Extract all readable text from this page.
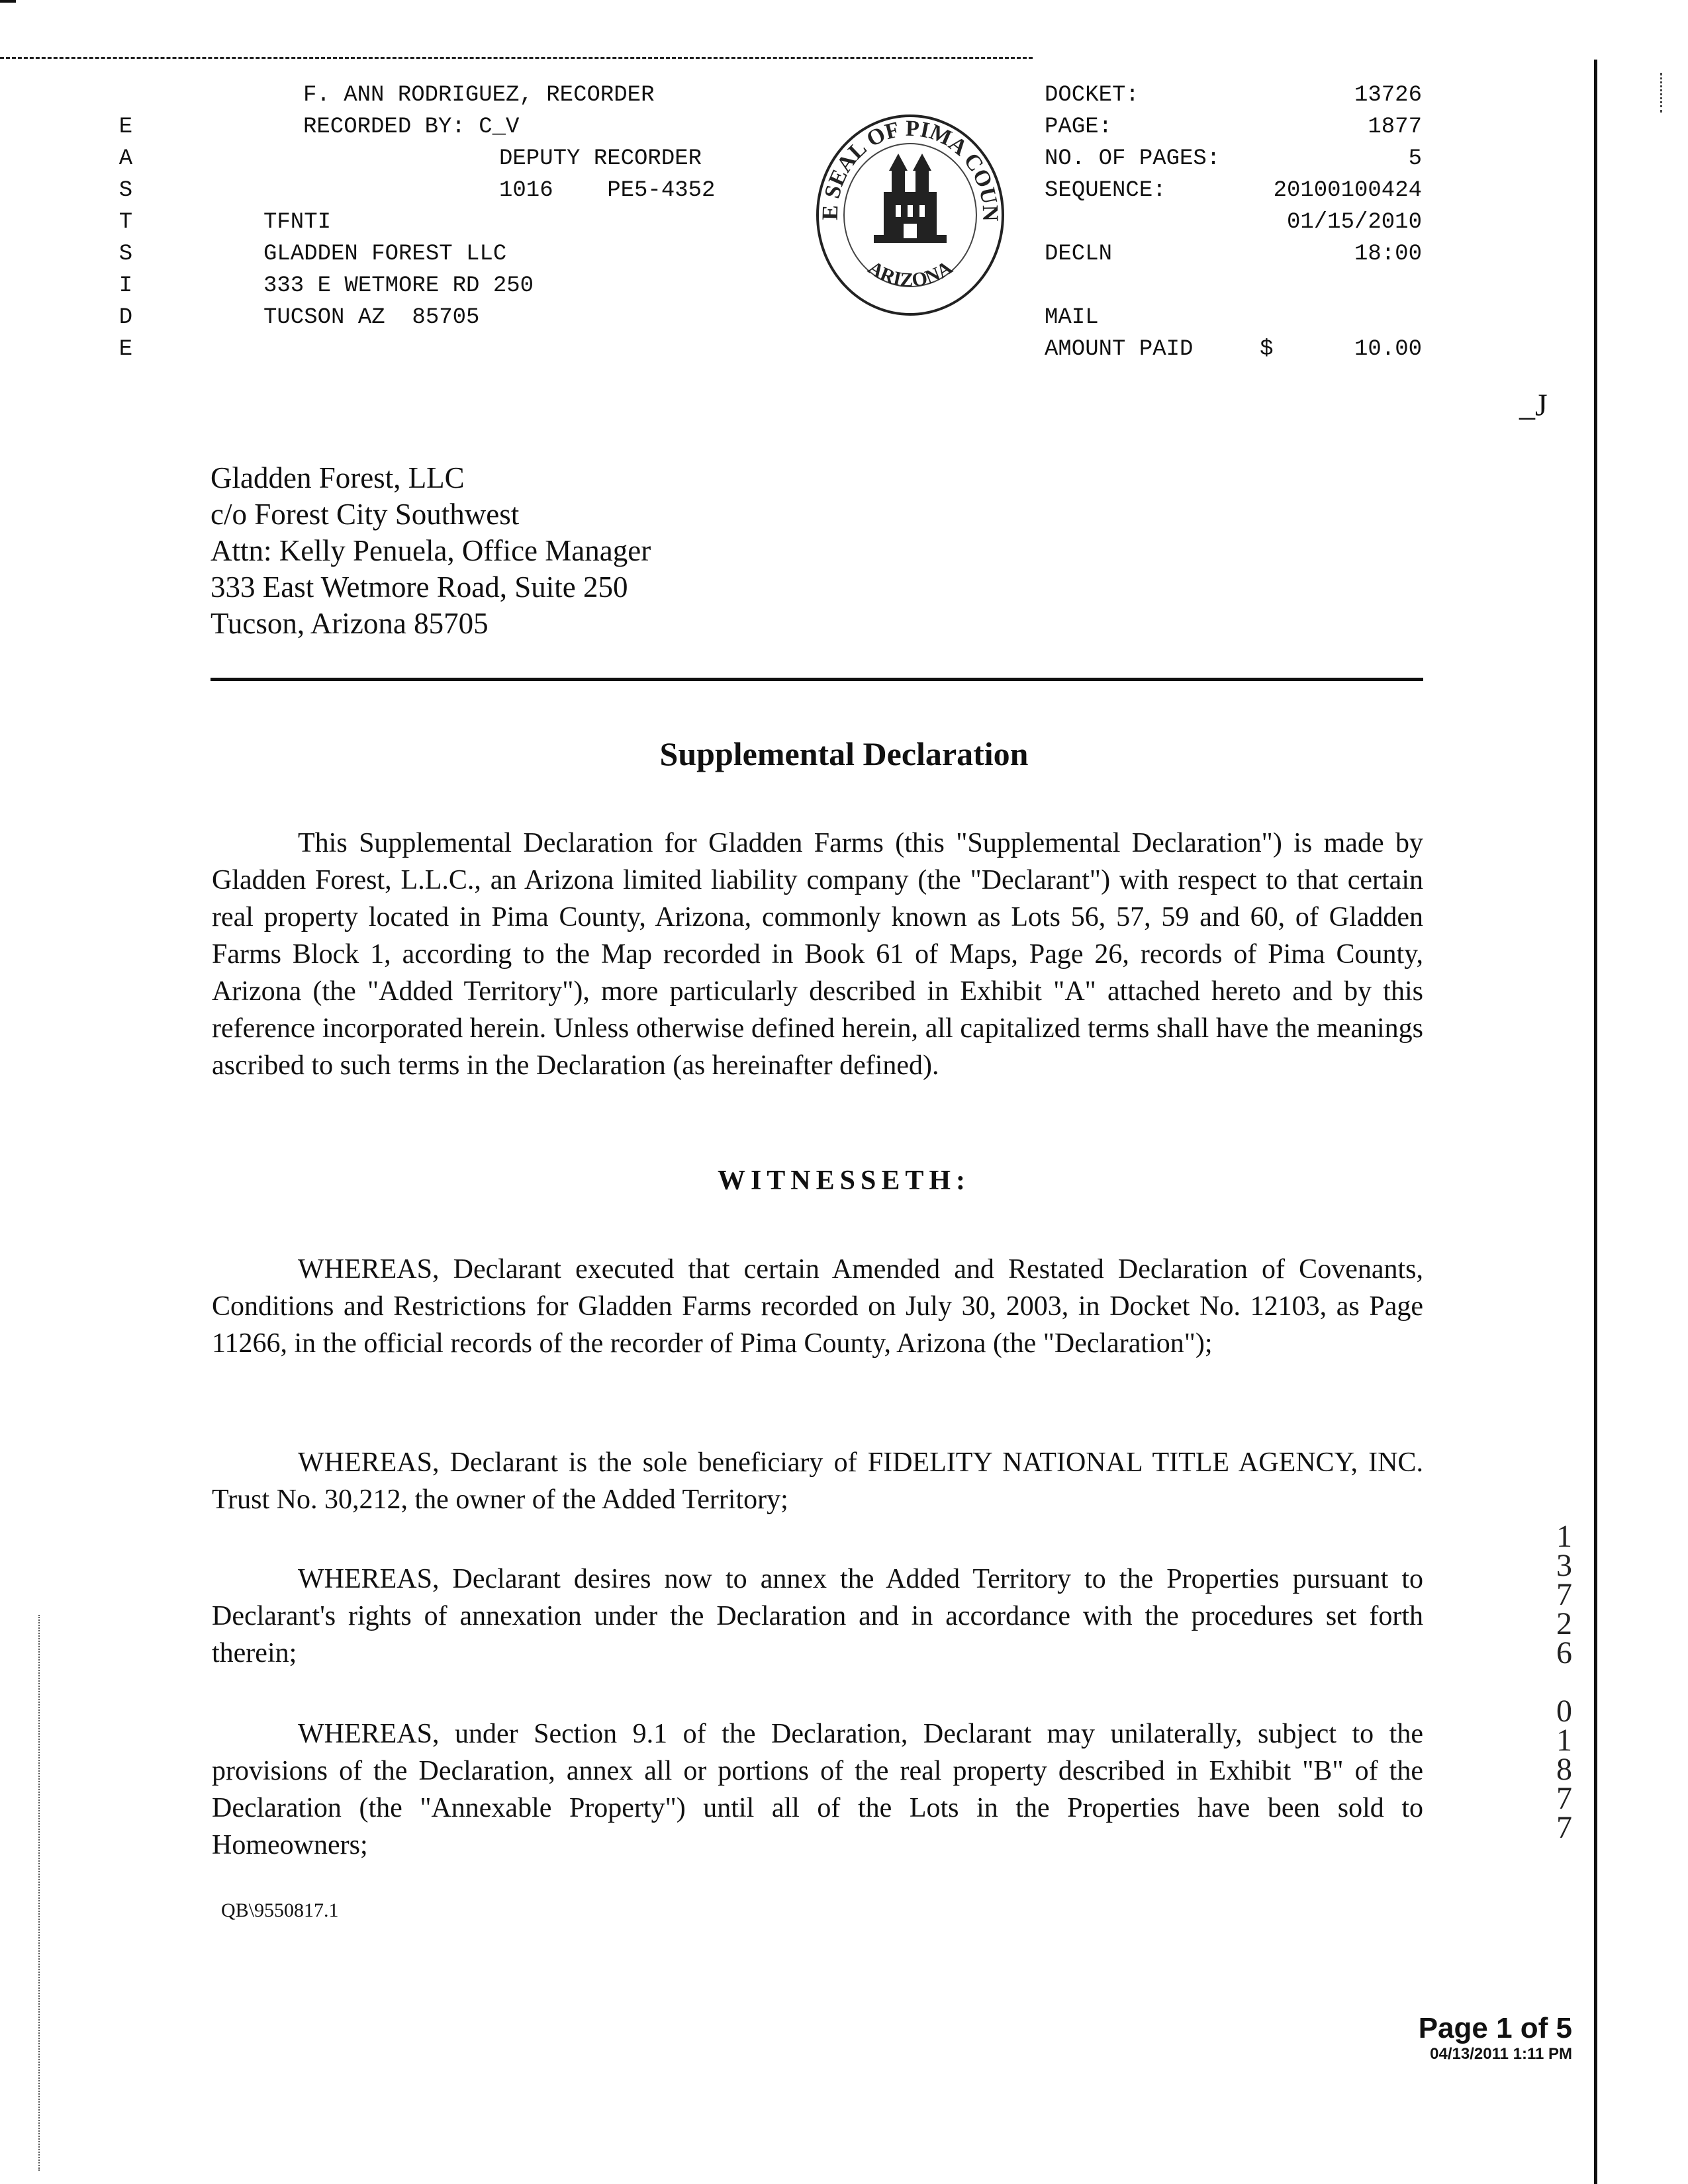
E
A
S
T
S
I
D
E
F. ANN RODRIGUEZ, RECORDER
RECORDED BY: C_V
DEPUTY RECORDER
1016    PE5-4352
TFNTI
GLADDEN FOREST LLC
333 E WETMORE RD 250
TUCSON AZ  85705
E SEAL OF PIMA COUN
ARIZONA
DOCKET:	13726
PAGE:	1877
NO. OF PAGES:	5
SEQUENCE:	20100100424
01/15/2010
DECLN	18:00
MAIL
AMOUNT PAID	$      10.00
_J
Gladden Forest, LLC
c/o Forest City Southwest
Attn: Kelly Penuela, Office Manager
333 East Wetmore Road, Suite 250
Tucson, Arizona 85705
Supplemental Declaration

This Supplemental Declaration for Gladden Farms (this "Supplemental Declaration") is made by Gladden Forest, L.L.C., an Arizona limited liability company (the "Declarant") with respect to that certain real property located in Pima County, Arizona, commonly known as Lots 56, 57, 59 and 60, of Gladden Farms Block 1, according to the Map recorded in Book 61 of Maps, Page 26, records of Pima County, Arizona (the "Added Territory"), more particularly described in Exhibit "A" attached hereto and by this reference incorporated herein. Unless otherwise defined herein, all capitalized terms shall have the meanings ascribed to such terms in the Declaration (as hereinafter defined).

WITNESSETH:

WHEREAS, Declarant executed that certain Amended and Restated Declaration of Covenants, Conditions and Restrictions for Gladden Farms recorded on July 30, 2003, in Docket No. 12103, as Page 11266, in the official records of the recorder of Pima County, Arizona (the "Declaration");

WHEREAS, Declarant is the sole beneficiary of FIDELITY NATIONAL TITLE AGENCY, INC. Trust No. 30,212, the owner of the Added Territory;

WHEREAS, Declarant desires now to annex the Added Territory to the Properties pursuant to Declarant's rights of annexation under the Declaration and in accordance with the procedures set forth therein;

WHEREAS, under Section 9.1 of the Declaration, Declarant may unilaterally, subject to the provisions of the Declaration, annex all or portions of the real property described in Exhibit "B" of the Declaration (the "Annexable Property") until all of the Lots in the Properties have been sold to Homeowners;

QB\9550817.1
1
3
7
2
6
0
1
8
7
7
Page 1 of 5
04/13/2011 1:11 PM
